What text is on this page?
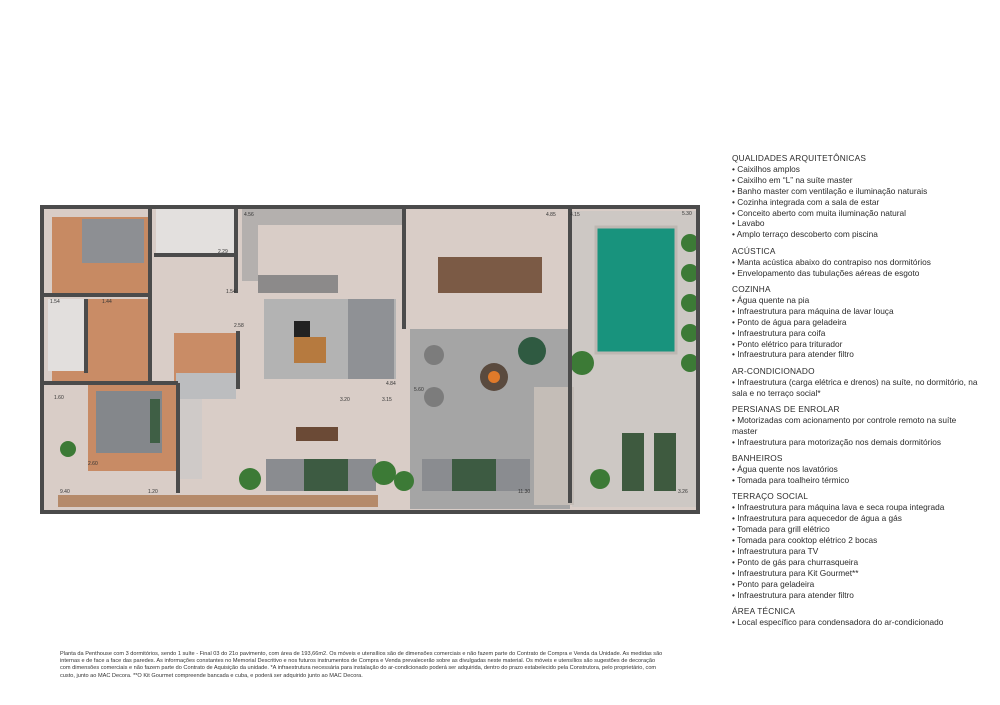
4.56
2.29
1.54
4.85	4.15	5.30
1.54	1.44
2.58
4.84
3.20	3.15
5.60
2.60
9.40	11.30	3.26
1.20
1.60
QUALIDADES ARQUITETÔNICAS
• Caixilhos amplos
• Caixilho em “L” na suíte master
• Banho master com ventilação e iluminação naturais
• Cozinha integrada com a sala de estar
• Conceito aberto com muita iluminação natural
• Lavabo
• Amplo terraço descoberto com piscina
ACÚSTICA
• Manta acústica abaixo do contrapiso nos dormitórios
• Envelopamento das tubulações aéreas de esgoto
COZINHA
• Água quente na pia
• Infraestrutura para máquina de lavar louça
• Ponto de água para geladeira
• Infraestrutura para coifa
• Ponto elétrico para triturador
• Infraestrutura para atender filtro
AR-CONDICIONADO
• Infraestrutura (carga elétrica e drenos) na suíte, no dormitório, na sala e no terraço social*
PERSIANAS DE ENROLAR
• Motorizadas com acionamento por controle remoto na suíte master
• Infraestrutura para motorização nos demais dormitórios
BANHEIROS
• Água quente nos lavatórios
• Tomada para toalheiro térmico
TERRAÇO SOCIAL
• Infraestrutura para máquina lava e seca roupa integrada
• Infraestrutura para aquecedor de água a gás
• Tomada para grill elétrico
• Tomada para cooktop elétrico 2 bocas
• Infraestrutura para TV
• Ponto de gás para churrasqueira
• Infraestrutura para Kit Gourmet**
• Ponto para geladeira
• Infraestrutura para atender filtro
ÁREA TÉCNICA
• Local específico para condensadora do ar-condicionado
Planta da Penthouse com 3 dormitórios, sendo 1 suíte - Final 03 do 21o pavimento, com área de 193,66m2. Os móveis e utensílios são de dimensões comerciais e não fazem parte do Contrato de Compra e Venda da Unidade. As medidas são internas e de face a face das paredes. As informações constantes no Memorial Descritivo e nos futuros instrumentos de Compra e Venda prevalecerão sobre as divulgadas neste material. Os móveis e utensílios são sugestões de decoração com dimensões comerciais e não fazem parte do Contrato de Aquisição da unidade. *A infraestrutura necessária para instalação do ar-condicionado poderá ser adquirida, dentro do prazo estabelecido pela Construtora, pelo proprietário, com custo, junto ao MAC Decora. **O Kit Gourmet compreende bancada e cuba, e poderá ser adquirido junto ao MAC Decora.
